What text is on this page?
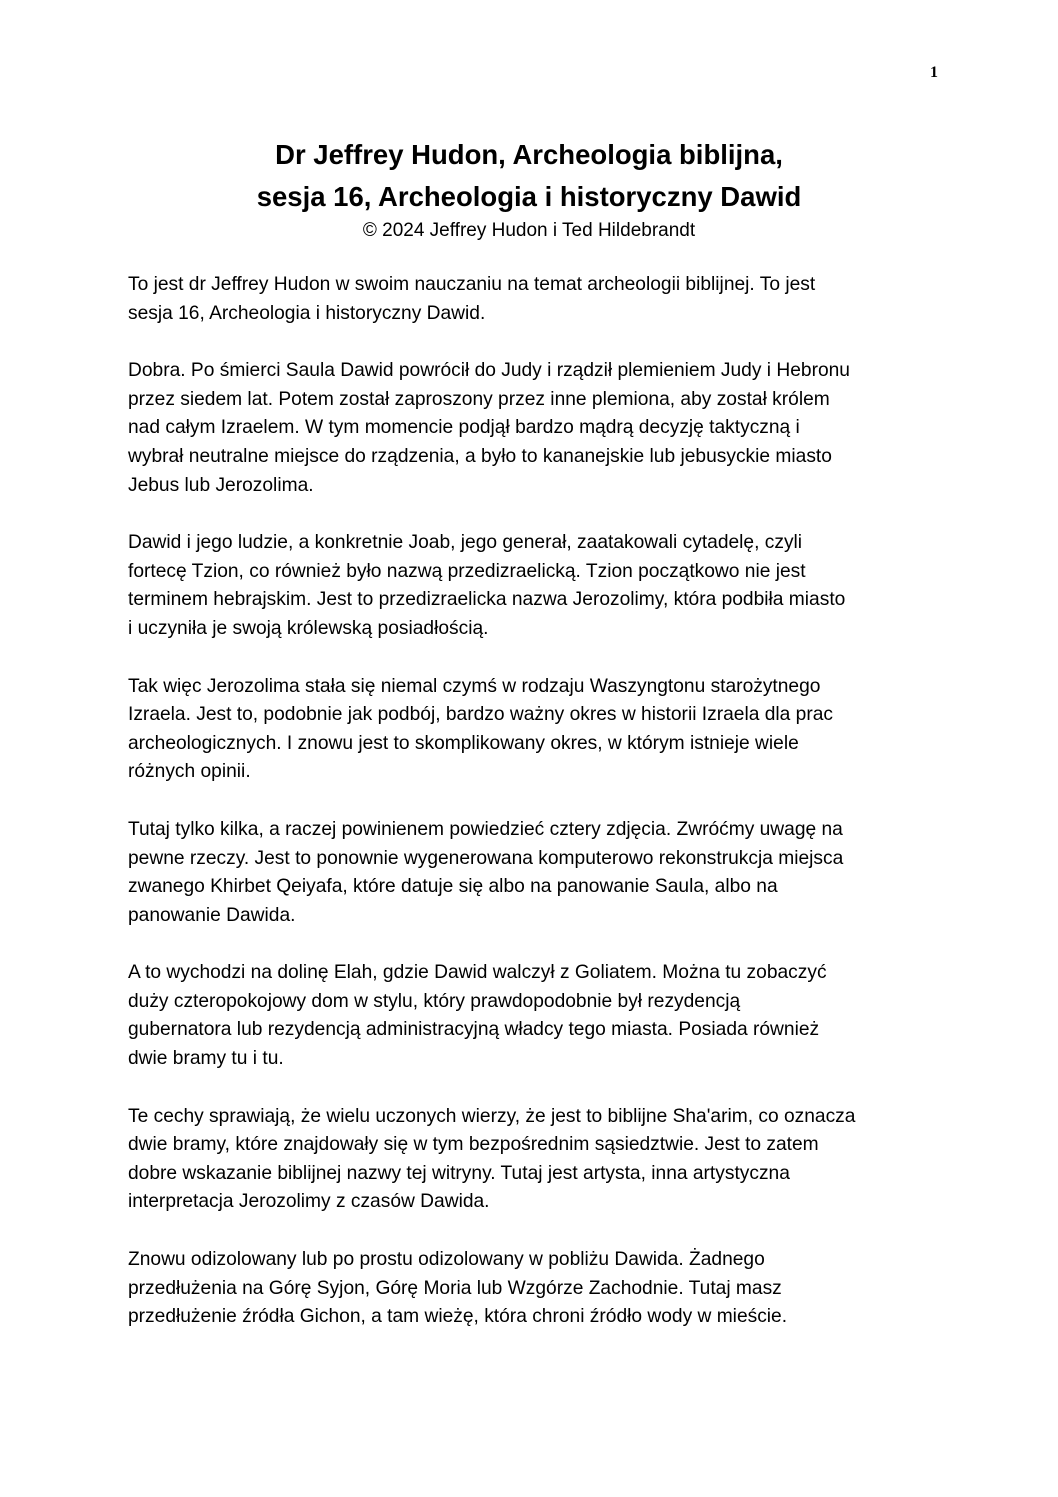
1
Dr Jeffrey Hudon, Archeologia biblijna,
sesja 16, Archeologia i historyczny Dawid
© 2024 Jeffrey Hudon i Ted Hildebrandt

To jest dr Jeffrey Hudon w swoim nauczaniu na temat archeologii biblijnej. To jest
sesja 16, Archeologia i historyczny Dawid.

Dobra. Po śmierci Saula Dawid powrócił do Judy i rządził plemieniem Judy i Hebronu
przez siedem lat. Potem został zaproszony przez inne plemiona, aby został królem
nad całym Izraelem. W tym momencie podjął bardzo mądrą decyzję taktyczną i
wybrał neutralne miejsce do rządzenia, a było to kananejskie lub jebusyckie miasto
Jebus lub Jerozolima.

Dawid i jego ludzie, a konkretnie Joab, jego generał, zaatakowali cytadelę, czyli
fortecę Tzion, co również było nazwą przedizraelicką. Tzion początkowo nie jest
terminem hebrajskim. Jest to przedizraelicka nazwa Jerozolimy, która podbiła miasto
i uczyniła je swoją królewską posiadłością.

Tak więc Jerozolima stała się niemal czymś w rodzaju Waszyngtonu starożytnego
Izraela. Jest to, podobnie jak podbój, bardzo ważny okres w historii Izraela dla prac
archeologicznych. I znowu jest to skomplikowany okres, w którym istnieje wiele
różnych opinii.

Tutaj tylko kilka, a raczej powinienem powiedzieć cztery zdjęcia. Zwróćmy uwagę na
pewne rzeczy. Jest to ponownie wygenerowana komputerowo rekonstrukcja miejsca
zwanego Khirbet Qeiyafa, które datuje się albo na panowanie Saula, albo na
panowanie Dawida.

A to wychodzi na dolinę Elah, gdzie Dawid walczył z Goliatem. Można tu zobaczyć
duży czteropokojowy dom w stylu, który prawdopodobnie był rezydencją
gubernatora lub rezydencją administracyjną władcy tego miasta. Posiada również
dwie bramy tu i tu.

Te cechy sprawiają, że wielu uczonych wierzy, że jest to biblijne Sha'arim, co oznacza
dwie bramy, które znajdowały się w tym bezpośrednim sąsiedztwie. Jest to zatem
dobre wskazanie biblijnej nazwy tej witryny. Tutaj jest artysta, inna artystyczna
interpretacja Jerozolimy z czasów Dawida.

Znowu odizolowany lub po prostu odizolowany w pobliżu Dawida. Żadnego
przedłużenia na Górę Syjon, Górę Moria lub Wzgórze Zachodnie. Tutaj masz
przedłużenie źródła Gichon, a tam wieżę, która chroni źródło wody w mieście.
